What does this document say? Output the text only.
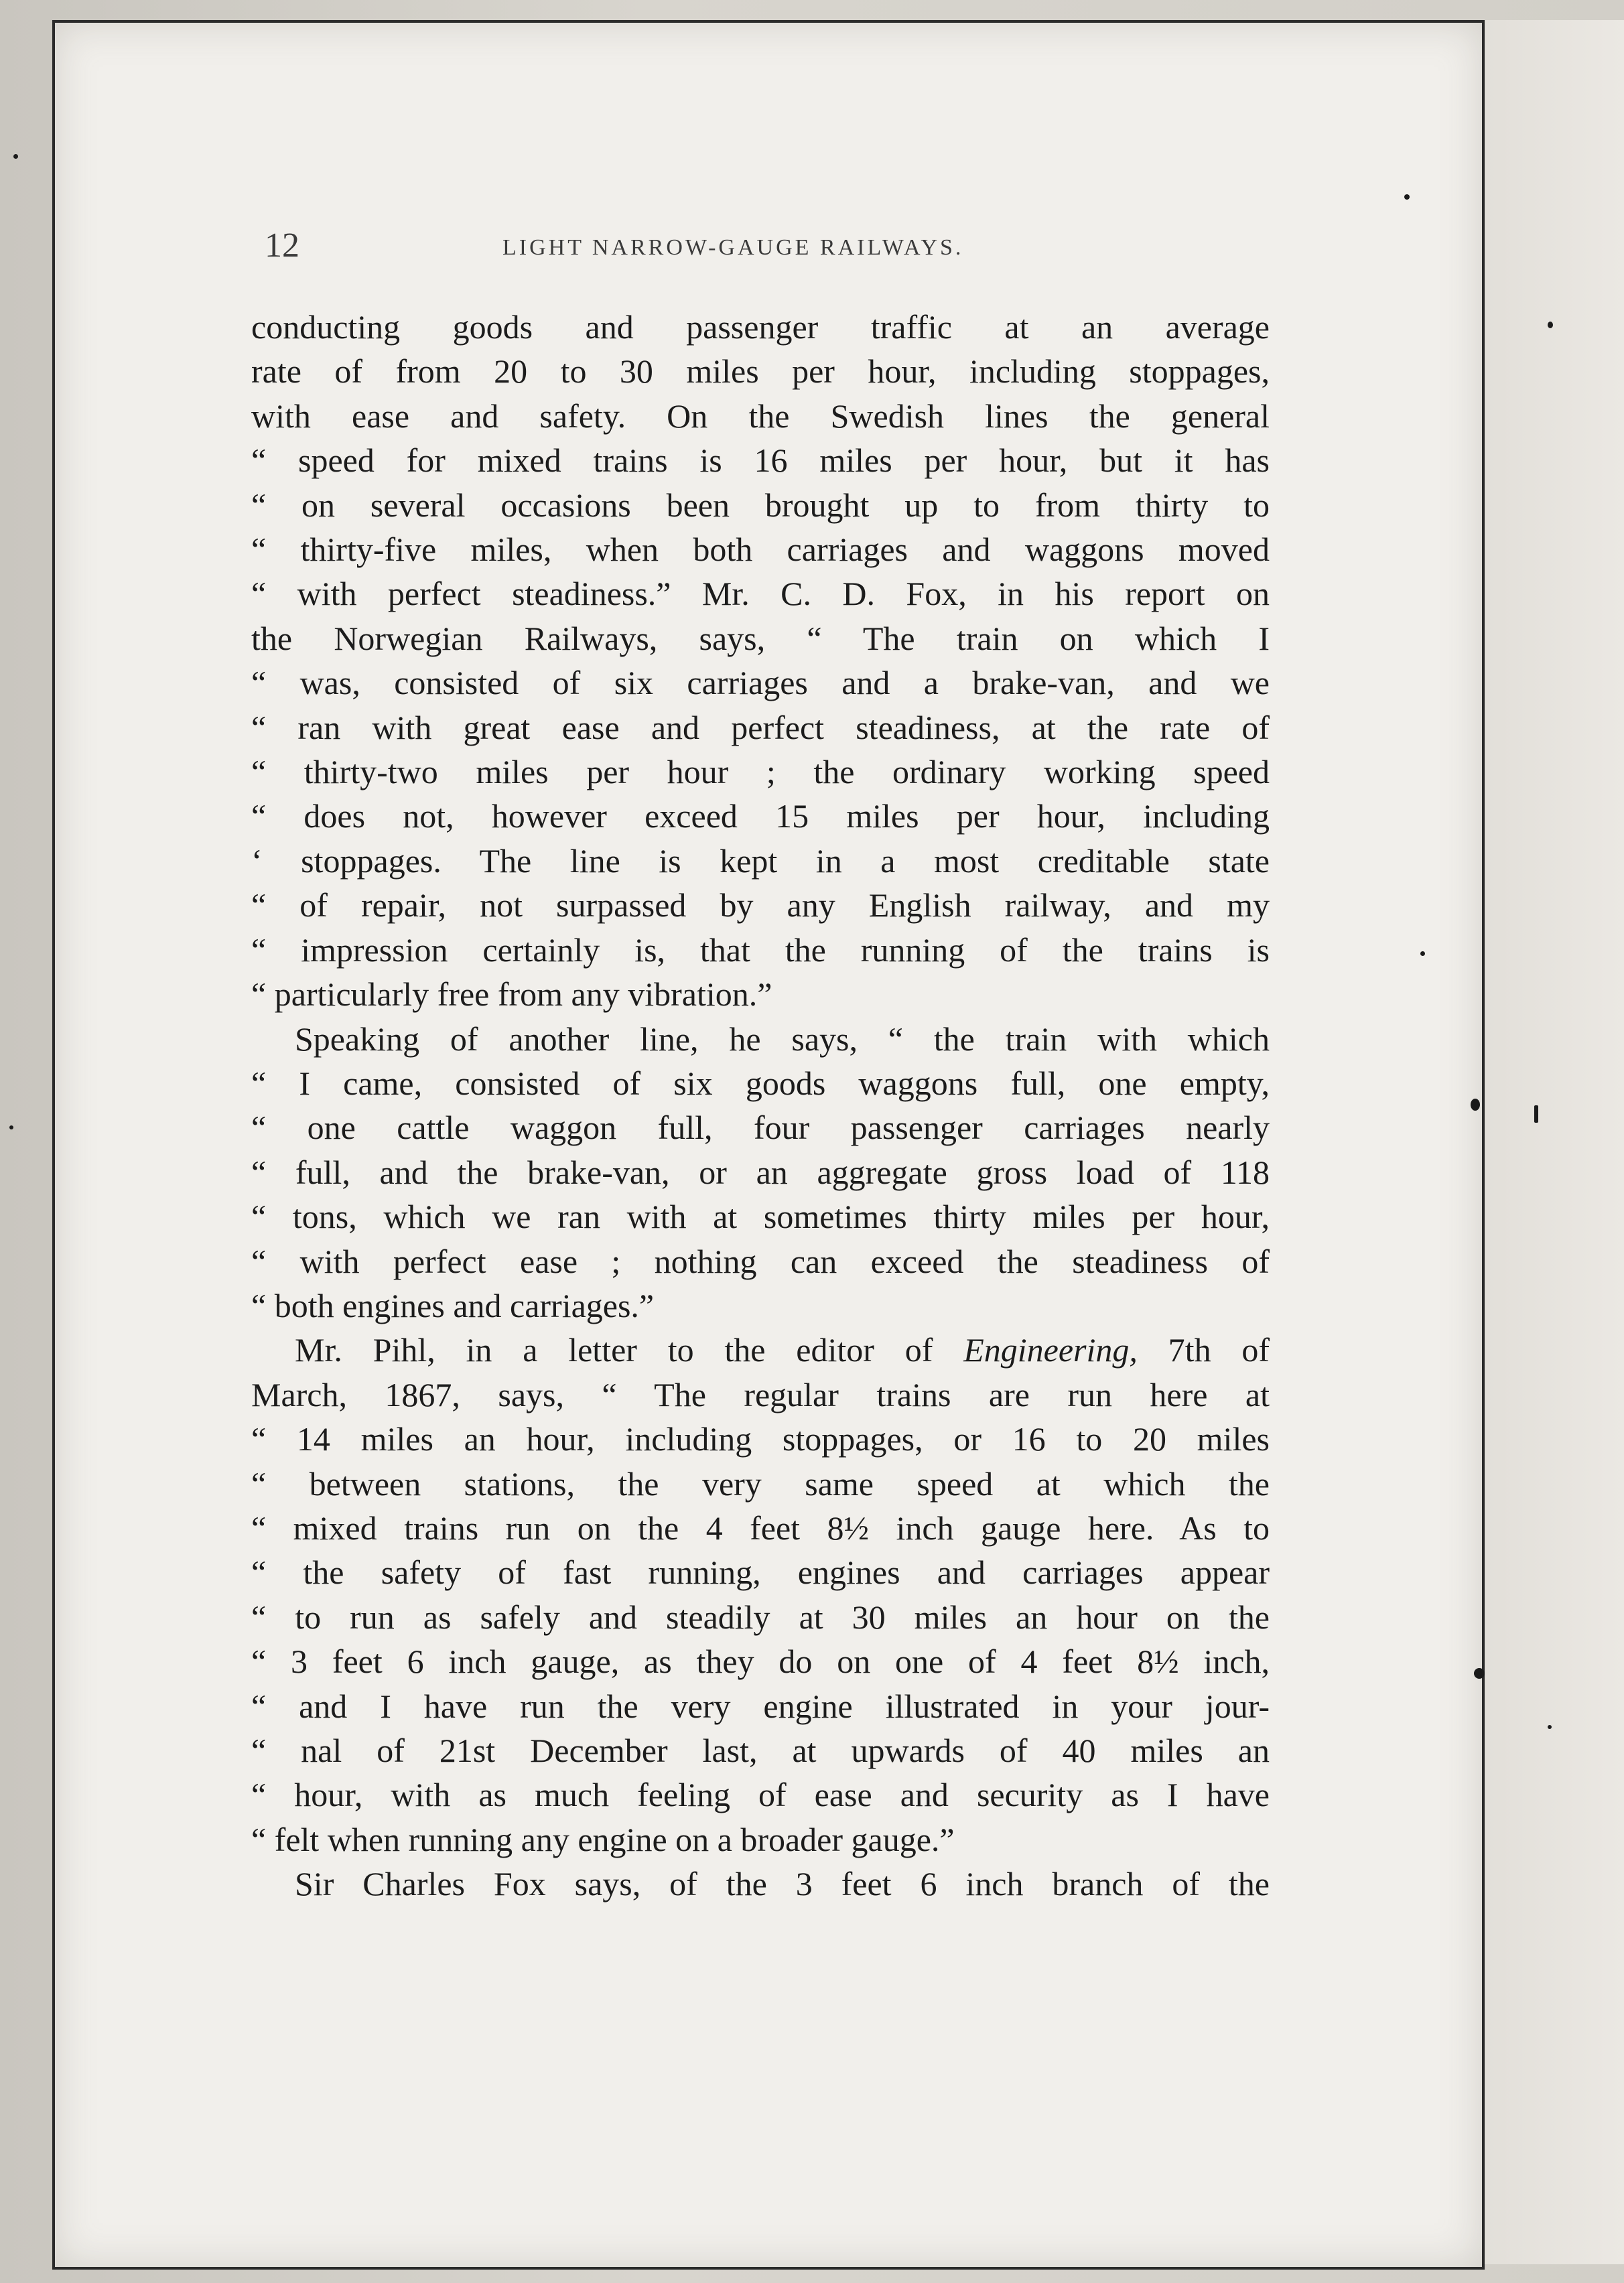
12	LIGHT NARROW-GAUGE RAILWAYS.
conducting goods and passenger traffic at an average
rate of from 20 to 30 miles per hour, including stoppages,
with ease and safety. On the Swedish lines the general
“ speed for mixed trains is 16 miles per hour, but it has
“ on several occasions been brought up to from thirty to
“ thirty-five miles, when both carriages and waggons moved
“ with perfect steadiness.” Mr. C. D. Fox, in his report on
the Norwegian Railways, says, “ The train on which I
“ was, consisted of six carriages and a brake-van, and we
“ ran with great ease and perfect steadiness, at the rate of
“ thirty-two miles per hour ; the ordinary working speed
“ does not, however exceed 15 miles per hour, including
‘ stoppages. The line is kept in a most creditable state
“ of repair, not surpassed by any English railway, and my
“ impression certainly is, that the running of the trains is
“ particularly free from any vibration.”
Speaking of another line, he says, “ the train with which
“ I came, consisted of six goods waggons full, one empty,
“ one cattle waggon full, four passenger carriages nearly
“ full, and the brake-van, or an aggregate gross load of 118
“ tons, which we ran with at sometimes thirty miles per hour,
“ with perfect ease ; nothing can exceed the steadiness of
“ both engines and carriages.”
Mr. Pihl, in a letter to the editor of Engineering, 7th of
March, 1867, says, “ The regular trains are run here at
“ 14 miles an hour, including stoppages, or 16 to 20 miles
“ between stations, the very same speed at which the
“ mixed trains run on the 4 feet 8½ inch gauge here. As to
“ the safety of fast running, engines and carriages appear
“ to run as safely and steadily at 30 miles an hour on the
“ 3 feet 6 inch gauge, as they do on one of 4 feet 8½ inch,
“ and I have run the very engine illustrated in your jour-
“ nal of 21st December last, at upwards of 40 miles an
“ hour, with as much feeling of ease and security as I have
“ felt when running any engine on a broader gauge.”
Sir Charles Fox says, of the 3 feet 6 inch branch of the
